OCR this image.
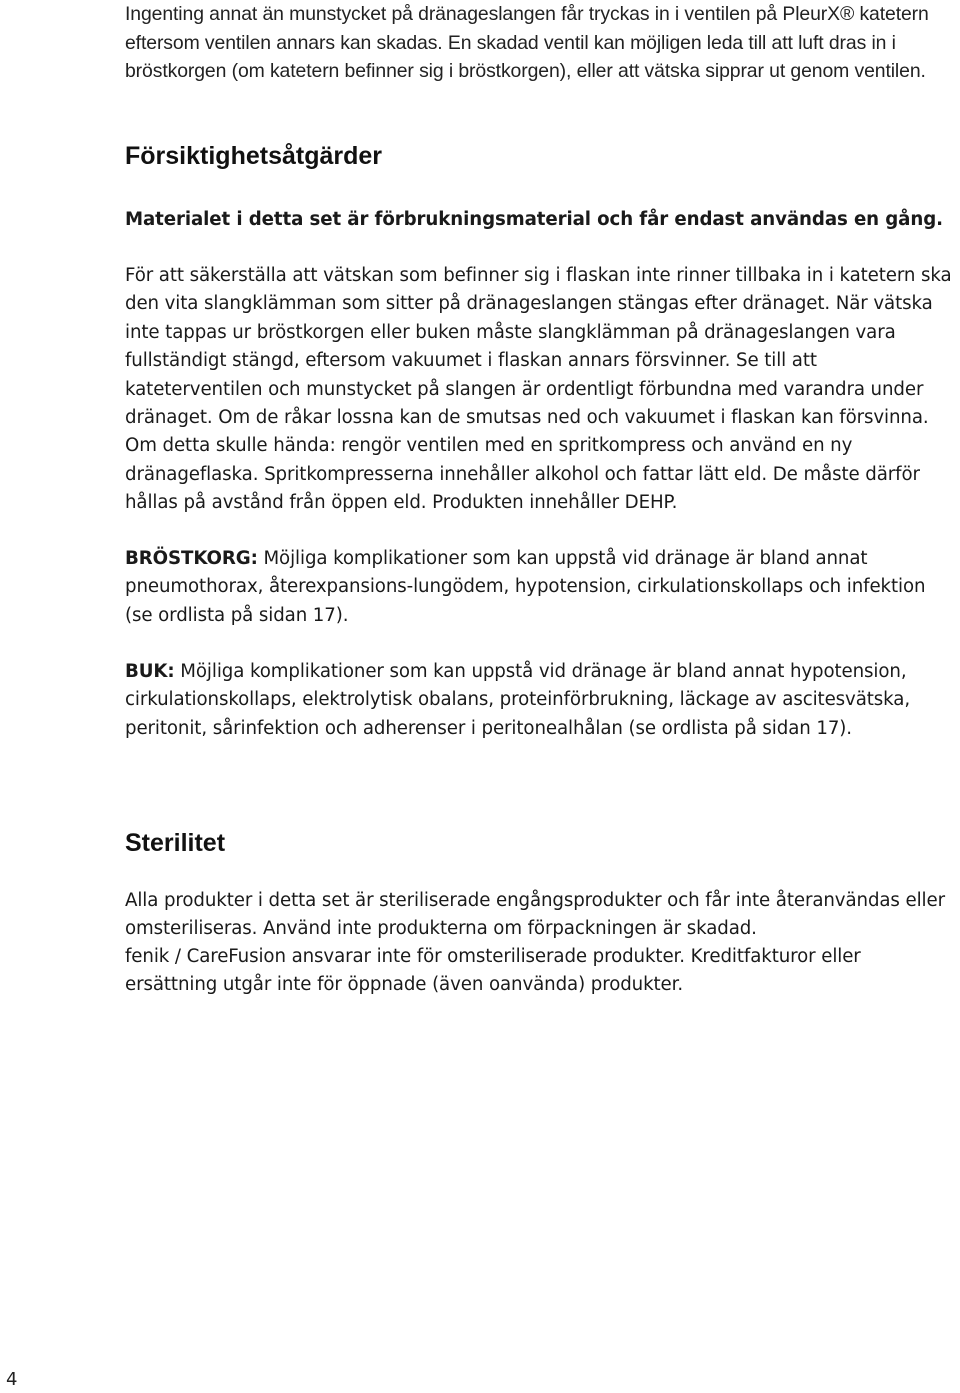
Ingenting annat än munstycket på dränageslangen får tryckas in i ventilen på PleurX® katetern eftersom ventilen annars kan skadas. En skadad ventil kan möjligen leda till att luft dras in i bröstkorgen (om katetern befinner sig i bröstkorgen), eller att vätska sipprar ut genom ventilen.

Försiktighetsåtgärder

Materialet i detta set är förbrukningsmaterial och får endast användas en gång.

För att säkerställa att vätskan som befinner sig i flaskan inte rinner tillbaka in i katetern ska den vita slangklämman som sitter på dränageslangen stängas efter dränaget. När vätska inte tappas ur bröstkorgen eller buken måste slangklämman på dränageslangen vara fullständigt stängd, eftersom vakuumet i flaskan annars försvinner. Se till att kateterventilen och munstycket på slangen är ordentligt förbundna med varandra under dränaget. Om de råkar lossna kan de smutsas ned och vakuumet i flaskan kan försvinna. Om detta skulle hända: rengör ventilen med en spritkompress och använd en ny dränageflaska. Spritkompresserna innehåller alkohol och fattar lätt eld. De måste därför hållas på avstånd från öppen eld. Produkten innehåller DEHP.

BRÖSTKORG: Möjliga komplikationer som kan uppstå vid dränage är bland annat pneumothorax, återexpansions-lungödem, hypotension, cirkulationskollaps och infektion (se ordlista på sidan 17).

BUK: Möjliga komplikationer som kan uppstå vid dränage är bland annat hypotension, cirkulationskollaps, elektrolytisk obalans, proteinförbrukning, läckage av ascitesvätska, peritonit, sårinfektion och adherenser i peritonealhålan (se ordlista på sidan 17).

Sterilitet

Alla produkter i detta set är steriliserade engångsprodukter och får inte återanvändas eller omsteriliseras. Använd inte produkterna om förpackningen är skadad.

fenik / CareFusion ansvarar inte för omsteriliserade produkter. Kreditfakturor eller ersättning utgår inte för öppnade (även oanvända) produkter.

4
